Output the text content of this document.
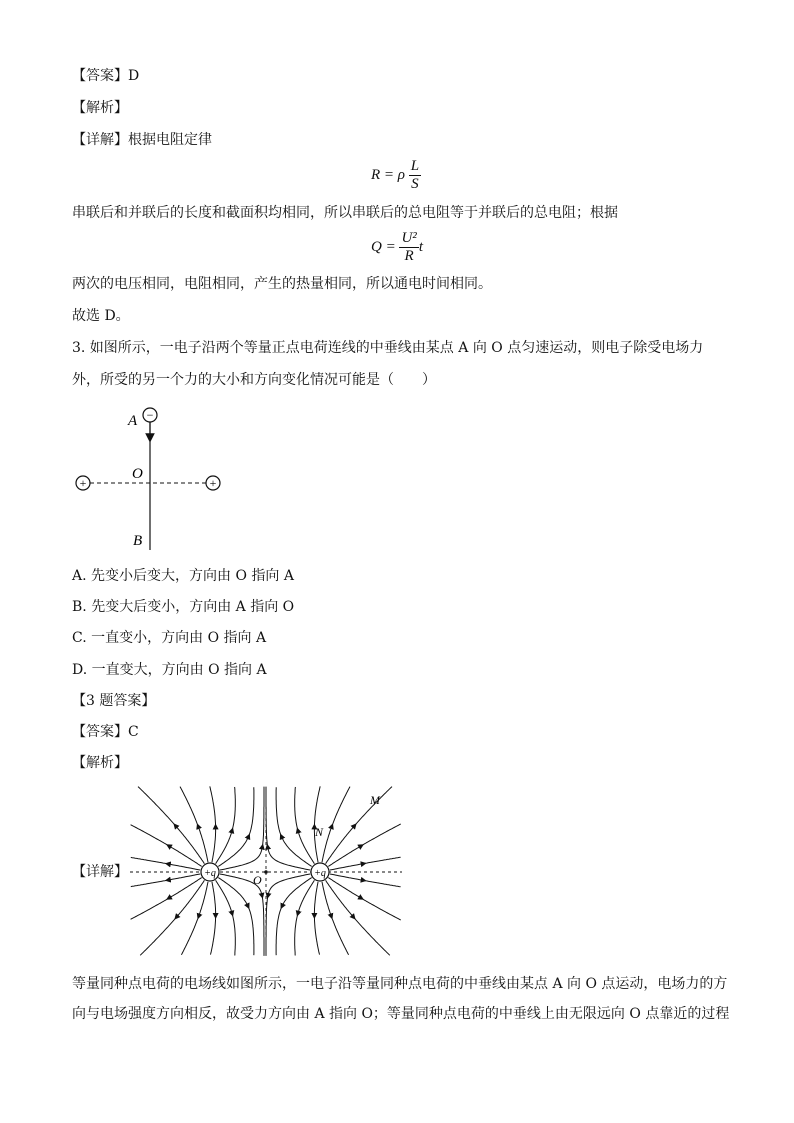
【答案】D
【解析】
【详解】根据电阻定律
R = ρ $\frac{L}{S}$
串联后和并联后的长度和截面积均相同，所以串联后的总电阻等于并联后的总电阻；根据
$Q = \frac{\text{U²}}{R}$ t
两次的电压相同，电阻相同，产生的热量相同，所以通电时间相同。
故选 D。
3. 如图所示，一电子沿两个等量正点电荷连线的中垂线由某点 A 向 O 点匀速运动，则电子除受电场力
外，所受的另一个力的大小和方向变化情况可能是（　　）
−
+	+
A
O
B
A. 先变小后变大，方向由 O 指向 A
B. 先变大后变小，方向由 A 指向 O
C. 一直变小，方向由 O 指向 A
D. 一直变大，方向由 O 指向 A
【3 题答案】
【答案】C
【解析】
【详解】	+q	+q
O
M
N
等量同种点电荷的电场线如图所示，一电子沿等量同种点电荷的中垂线由某点 A 向 O 点运动，电场力的方
向与电场强度方向相反，故受力方向由 A 指向 O；等量同种点电荷的中垂线上由无限远向 O 点靠近的过程
